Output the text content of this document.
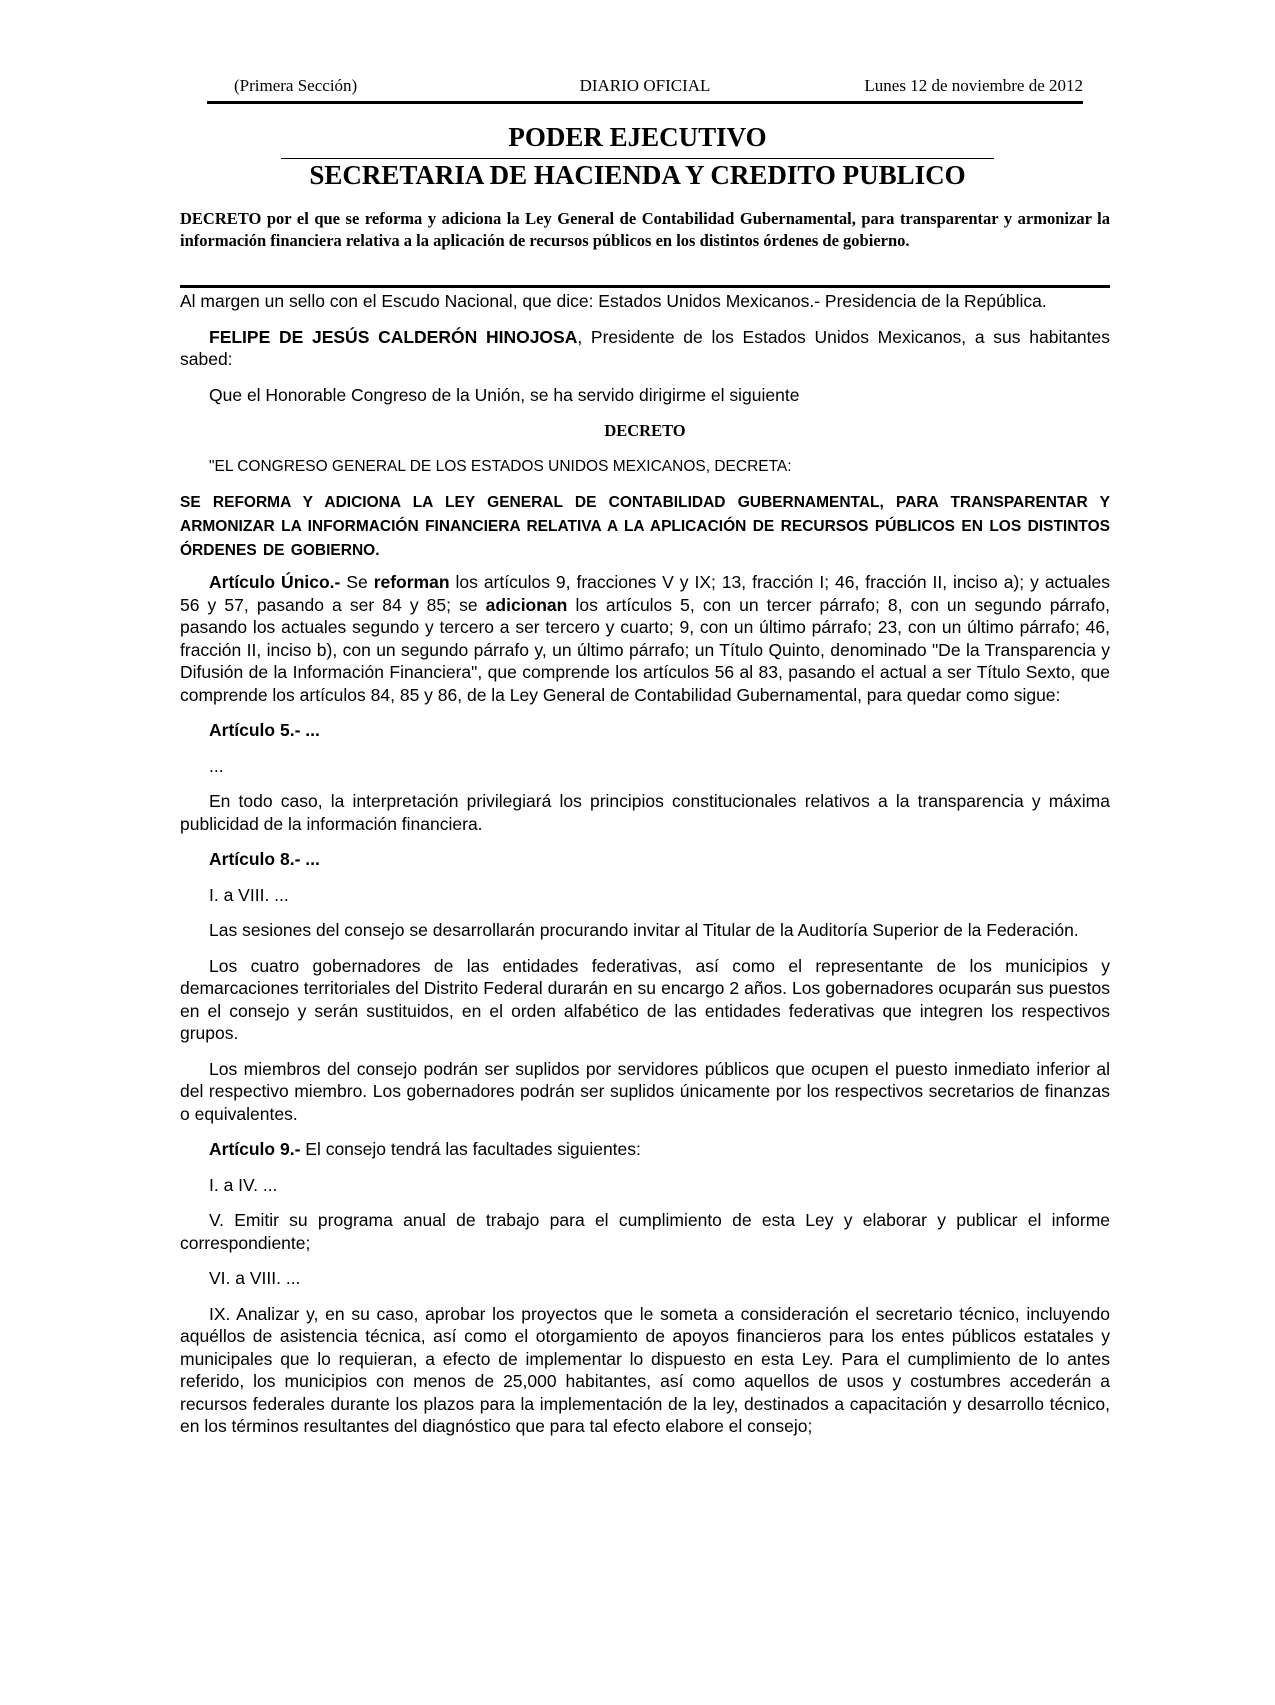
(Primera Sección)	DIARIO OFICIAL	Lunes 12 de noviembre de 2012
PODER EJECUTIVO
SECRETARIA DE HACIENDA Y CREDITO PUBLICO
DECRETO por el que se reforma y adiciona la Ley General de Contabilidad Gubernamental, para transparentar y armonizar la información financiera relativa a la aplicación de recursos públicos en los distintos órdenes de gobierno.

Al margen un sello con el Escudo Nacional, que dice: Estados Unidos Mexicanos.- Presidencia de la República.

FELIPE DE JESÚS CALDERÓN HINOJOSA, Presidente de los Estados Unidos Mexicanos, a sus habitantes sabed:

Que el Honorable Congreso de la Unión, se ha servido dirigirme el siguiente

DECRETO

"EL CONGRESO GENERAL DE LOS ESTADOS UNIDOS MEXICANOS, DECRETA:

SE REFORMA Y ADICIONA LA LEY GENERAL DE CONTABILIDAD GUBERNAMENTAL, PARA TRANSPARENTAR Y ARMONIZAR LA INFORMACIÓN FINANCIERA RELATIVA A LA APLICACIÓN DE RECURSOS PÚBLICOS EN LOS DISTINTOS ÓRDENES DE GOBIERNO.

Artículo Único.- Se reforman los artículos 9, fracciones V y IX; 13, fracción I; 46, fracción II, inciso a); y actuales 56 y 57, pasando a ser 84 y 85; se adicionan los artículos 5, con un tercer párrafo; 8, con un segundo párrafo, pasando los actuales segundo y tercero a ser tercero y cuarto; 9, con un último párrafo; 23, con un último párrafo; 46, fracción II, inciso b), con un segundo párrafo y, un último párrafo; un Título Quinto, denominado "De la Transparencia y Difusión de la Información Financiera", que comprende los artículos 56 al 83, pasando el actual a ser Título Sexto, que comprende los artículos 84, 85 y 86, de la Ley General de Contabilidad Gubernamental, para quedar como sigue:

Artículo 5.- ...

...

En todo caso, la interpretación privilegiará los principios constitucionales relativos a la transparencia y máxima publicidad de la información financiera.

Artículo 8.- ...

I. a VIII. ...

Las sesiones del consejo se desarrollarán procurando invitar al Titular de la Auditoría Superior de la Federación.

Los cuatro gobernadores de las entidades federativas, así como el representante de los municipios y demarcaciones territoriales del Distrito Federal durarán en su encargo 2 años. Los gobernadores ocuparán sus puestos en el consejo y serán sustituidos, en el orden alfabético de las entidades federativas que integren los respectivos grupos.

Los miembros del consejo podrán ser suplidos por servidores públicos que ocupen el puesto inmediato inferior al del respectivo miembro. Los gobernadores podrán ser suplidos únicamente por los respectivos secretarios de finanzas o equivalentes.

Artículo 9.- El consejo tendrá las facultades siguientes:

I. a IV. ...

V. Emitir su programa anual de trabajo para el cumplimiento de esta Ley y elaborar y publicar el informe correspondiente;

VI. a VIII. ...

IX. Analizar y, en su caso, aprobar los proyectos que le someta a consideración el secretario técnico, incluyendo aquéllos de asistencia técnica, así como el otorgamiento de apoyos financieros para los entes públicos estatales y municipales que lo requieran, a efecto de implementar lo dispuesto en esta Ley. Para el cumplimiento de lo antes referido, los municipios con menos de 25,000 habitantes, así como aquellos de usos y costumbres accederán a recursos federales durante los plazos para la implementación de la ley, destinados a capacitación y desarrollo técnico, en los términos resultantes del diagnóstico que para tal efecto elabore el consejo;
